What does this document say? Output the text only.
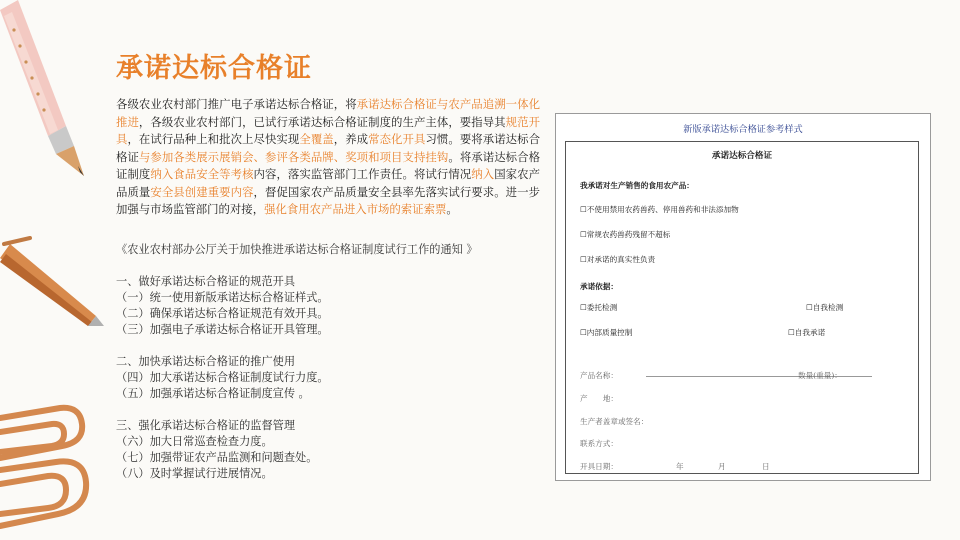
承诺达标合格证
各级农业农村部门推广电子承诺达标合格证，将承诺达标合格证与农产品追溯一体化推进，各级农业农村部门，已试行承诺达标合格证制度的生产主体，要指导其规范开具，在试行品种上和批次上尽快实现全覆盖，养成常态化开具习惯。要将承诺达标合格证与参加各类展示展销会、参评各类品牌、奖项和项目支持挂钩。将承诺达标合格证制度纳入食品安全等考核内容，落实监管部门工作责任。将试行情况纳入国家农产品质量安全县创建重要内容，督促国家农产品质量安全县率先落实试行要求。进一步加强与市场监管部门的对接，强化食用农产品进入市场的索证索票。
《农业农村部办公厅关于加快推进承诺达标合格证制度试行工作的通知 》
一、做好承诺达标合格证的规范开具
（一）统一使用新版承诺达标合格证样式。
（二）确保承诺达标合格证规范有效开具。
（三）加强电子承诺达标合格证开具管理。
二、加快承诺达标合格证的推广使用
（四）加大承诺达标合格证制度试行力度。
（五）加强承诺达标合格证制度宣传 。
三、强化承诺达标合格证的监督管理
（六）加大日常巡查检查力度。
（七）加强带证农产品监测和问题查处。
（八）及时掌握试行进展情况。
新版承诺达标合格证参考样式
承诺达标合格证
我承诺对生产销售的食用农产品：
☐不使用禁用农药兽药、停用兽药和非法添加物
☐常规农药兽药残留不超标
☐对承诺的真实性负责
承诺依据：
☐委托检测	☐自我检测
☐内部质量控制	☐自我承诺
产品名称：	数量(重量)：
产　　地：
生产者盖章或签名：
联系方式：
开具日期：	年	月	日
